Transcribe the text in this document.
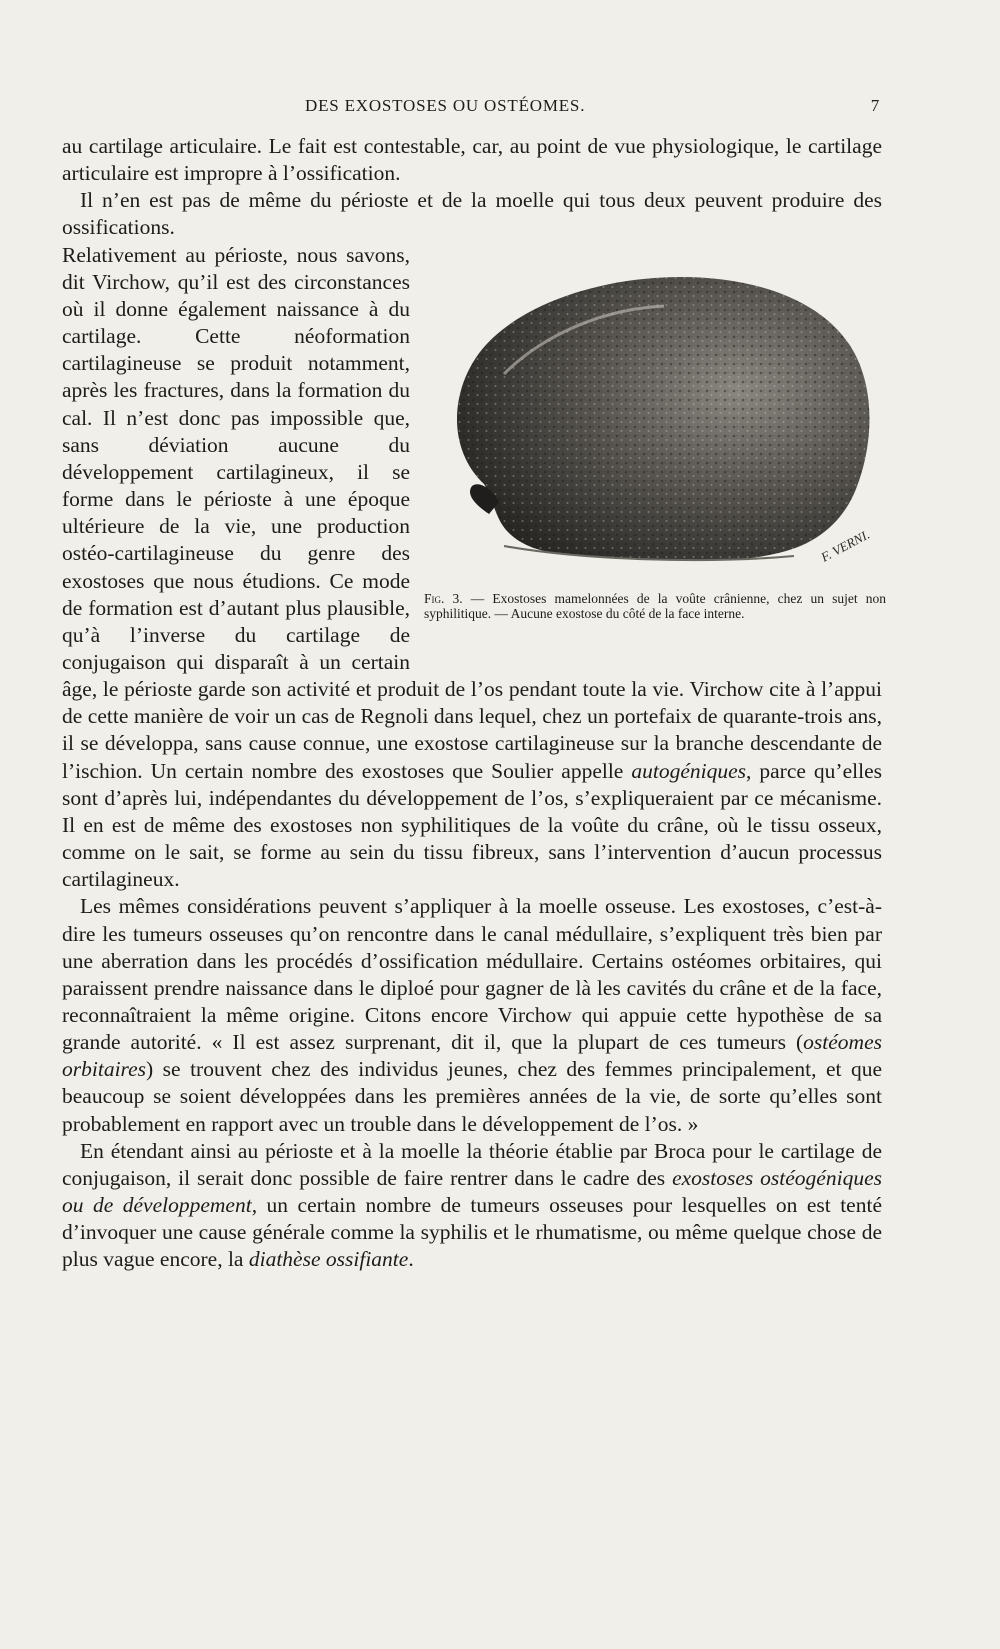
DES EXOSTOSES OU OSTÉOMES.	7

au cartilage articulaire. Le fait est contestable, car, au point de vue physiologique, le cartilage articulaire est impropre à l’ossification.

Il n’en est pas de même du périoste et de la moelle qui tous deux peuvent produire des ossifications.

F. VERNI.
Fig. 3. — Exostoses mamelonnées de la voûte crânienne, chez un sujet non syphilitique. — Aucune exostose du côté de la face interne.
Relativement au périoste, nous savons, dit Virchow, qu’il est des circonstances où il donne également naissance à du cartilage. Cette néoformation cartilagineuse se produit notamment, après les fractures, dans la formation du cal. Il n’est donc pas impossible que, sans déviation aucune du développement cartilagineux, il se forme dans le périoste à une époque ultérieure de la vie, une production ostéo-cartilagineuse du genre des exostoses que nous étudions. Ce mode de formation est d’autant plus plausible, qu’à l’inverse du cartilage de conjugaison qui disparaît à un certain âge, le périoste garde son activité et produit de l’os pendant toute la vie. Virchow cite à l’appui de cette manière de voir un cas de Regnoli dans lequel, chez un portefaix de quarante-trois ans, il se développa, sans cause connue, une exostose cartilagineuse sur la branche descendante de l’ischion. Un certain nombre des exostoses que Soulier appelle autogéniques, parce qu’elles sont d’après lui, indépendantes du développement de l’os, s’expliqueraient par ce mécanisme. Il en est de même des exostoses non syphilitiques de la voûte du crâne, où le tissu osseux, comme on le sait, se forme au sein du tissu fibreux, sans l’intervention d’aucun processus cartilagineux.

Les mêmes considérations peuvent s’appliquer à la moelle osseuse. Les exostoses, c’est-à-dire les tumeurs osseuses qu’on rencontre dans le canal médullaire, s’expliquent très bien par une aberration dans les procédés d’ossification médullaire. Certains ostéomes orbitaires, qui paraissent prendre naissance dans le diploé pour gagner de là les cavités du crâne et de la face, reconnaîtraient la même origine. Citons encore Virchow qui appuie cette hypothèse de sa grande autorité. « Il est assez surprenant, dit il, que la plupart de ces tumeurs (ostéomes orbitaires) se trouvent chez des individus jeunes, chez des femmes principalement, et que beaucoup se soient développées dans les premières années de la vie, de sorte qu’elles sont probablement en rapport avec un trouble dans le développement de l’os. »

En étendant ainsi au périoste et à la moelle la théorie établie par Broca pour le cartilage de conjugaison, il serait donc possible de faire rentrer dans le cadre des exostoses ostéogéniques ou de développement, un certain nombre de tumeurs osseuses pour lesquelles on est tenté d’invoquer une cause générale comme la syphilis et le rhumatisme, ou même quelque chose de plus vague encore, la diathèse ossifiante.
